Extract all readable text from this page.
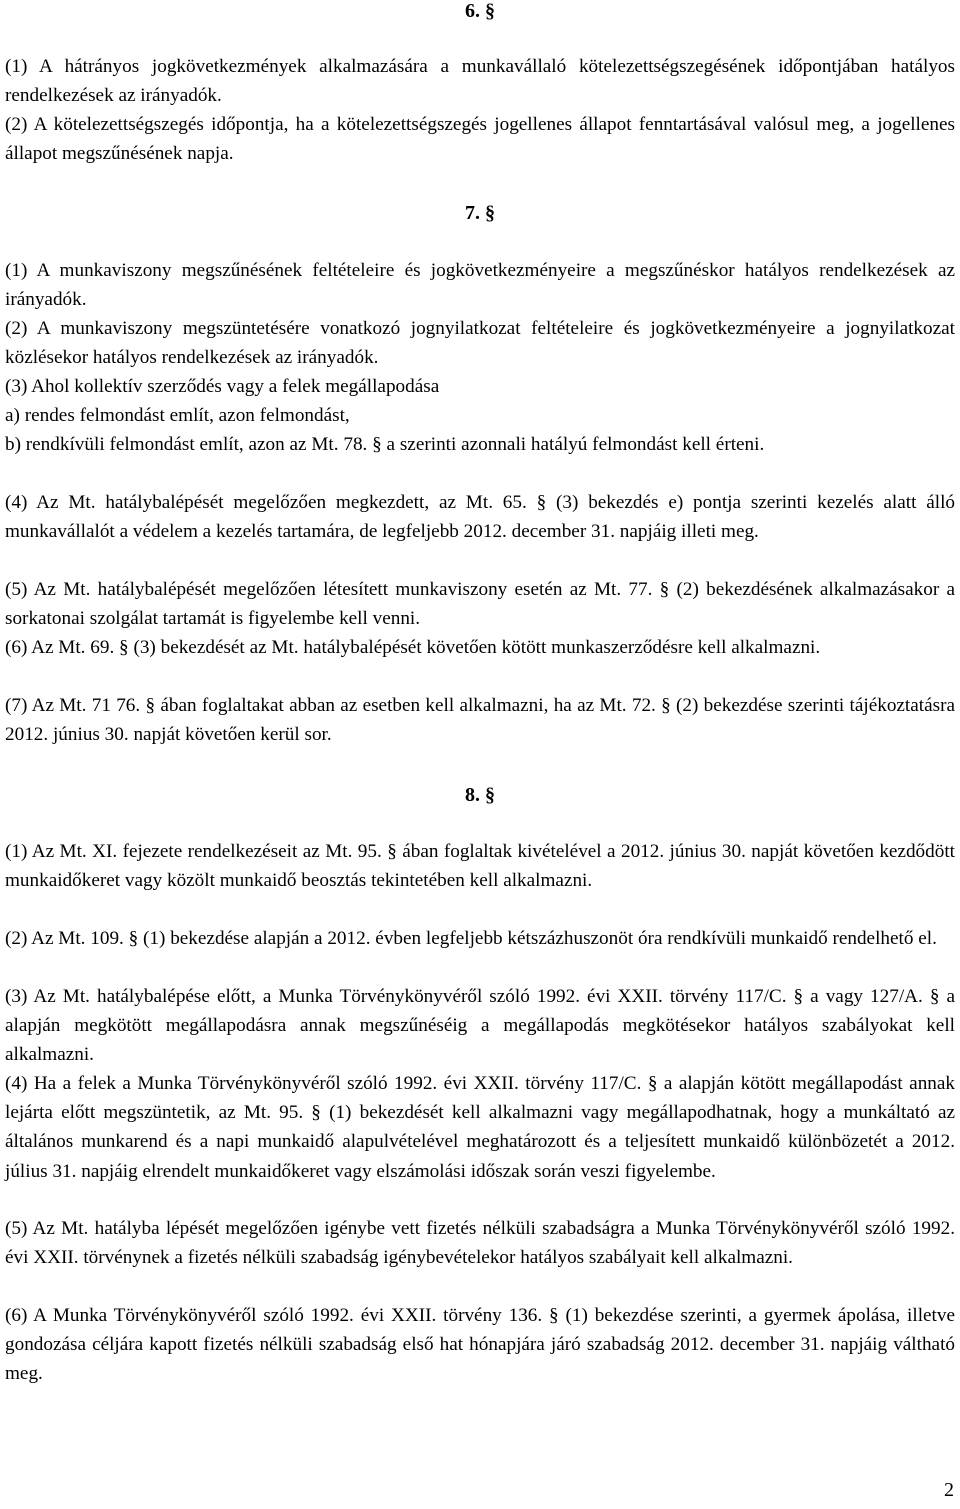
6. §

(1) A hátrányos jogkövetkezmények alkalmazására a munkavállaló kötelezettségszegésének időpontjában hatályos rendelkezések az irányadók.

(2) A kötelezettségszegés időpontja, ha a kötelezettségszegés jogellenes állapot fenntartásával valósul meg, a jogellenes állapot megszűnésének napja.

7. §

(1) A munkaviszony megszűnésének feltételeire és jogkövetkezményeire a megszűnéskor hatályos rendelkezések az irányadók.

(2) A munkaviszony megszüntetésére vonatkozó jognyilatkozat feltételeire és jogkövetkezményeire a jognyilatkozat közlésekor hatályos rendelkezések az irányadók.

(3) Ahol kollektív szerződés vagy a felek megállapodása

a) rendes felmondást említ, azon felmondást,

b) rendkívüli felmondást említ, azon az Mt. 78. § a szerinti azonnali hatályú felmondást kell érteni.

(4) Az Mt. hatálybalépését megelőzően megkezdett, az Mt. 65. § (3) bekezdés e) pontja szerinti kezelés alatt álló munkavállalót a védelem a kezelés tartamára, de legfeljebb 2012. december 31. napjáig illeti meg.

(5) Az Mt. hatálybalépését megelőzően létesített munkaviszony esetén az Mt. 77. § (2) bekezdésének alkalmazásakor a sorkatonai szolgálat tartamát is figyelembe kell venni.

(6) Az Mt. 69. § (3) bekezdését az Mt. hatálybalépését követően kötött munkaszerződésre kell alkalmazni.

(7) Az Mt. 71 76. § ában foglaltakat abban az esetben kell alkalmazni, ha az Mt. 72. § (2) bekezdése szerinti tájékoztatásra 2012. június 30. napját követően kerül sor.

8. §

(1) Az Mt. XI. fejezete rendelkezéseit az Mt. 95. § ában foglaltak kivételével a 2012. június 30. napját követően kezdődött munkaidőkeret vagy közölt munkaidő beosztás tekintetében kell alkalmazni.

(2) Az Mt. 109. § (1) bekezdése alapján a 2012. évben legfeljebb kétszázhuszonöt óra rendkívüli munkaidő rendelhető el.

(3) Az Mt. hatálybalépése előtt, a Munka Törvénykönyvéről szóló 1992. évi XXII. törvény 117/C. § a vagy 127/A. § a alapján megkötött megállapodásra annak megszűnéséig a megállapodás megkötésekor hatályos szabályokat kell alkalmazni.

(4) Ha a felek a Munka Törvénykönyvéről szóló 1992. évi XXII. törvény 117/C. § a alapján kötött megállapodást annak lejárta előtt megszüntetik, az Mt. 95. § (1) bekezdését kell alkalmazni vagy megállapodhatnak, hogy a munkáltató az általános munkarend és a napi munkaidő alapulvételével meghatározott és a teljesített munkaidő különbözetét a 2012. július 31. napjáig elrendelt munkaidőkeret vagy elszámolási időszak során veszi figyelembe.

(5) Az Mt. hatályba lépését megelőzően igénybe vett fizetés nélküli szabadságra a Munka Törvénykönyvéről szóló 1992. évi XXII. törvénynek a fizetés nélküli szabadság igénybevételekor hatályos szabályait kell alkalmazni.

(6) A Munka Törvénykönyvéről szóló 1992. évi XXII. törvény 136. § (1) bekezdése szerinti, a gyermek ápolása, illetve gondozása céljára kapott fizetés nélküli szabadság első hat hónapjára járó szabadság 2012. december 31. napjáig váltható meg.

2
